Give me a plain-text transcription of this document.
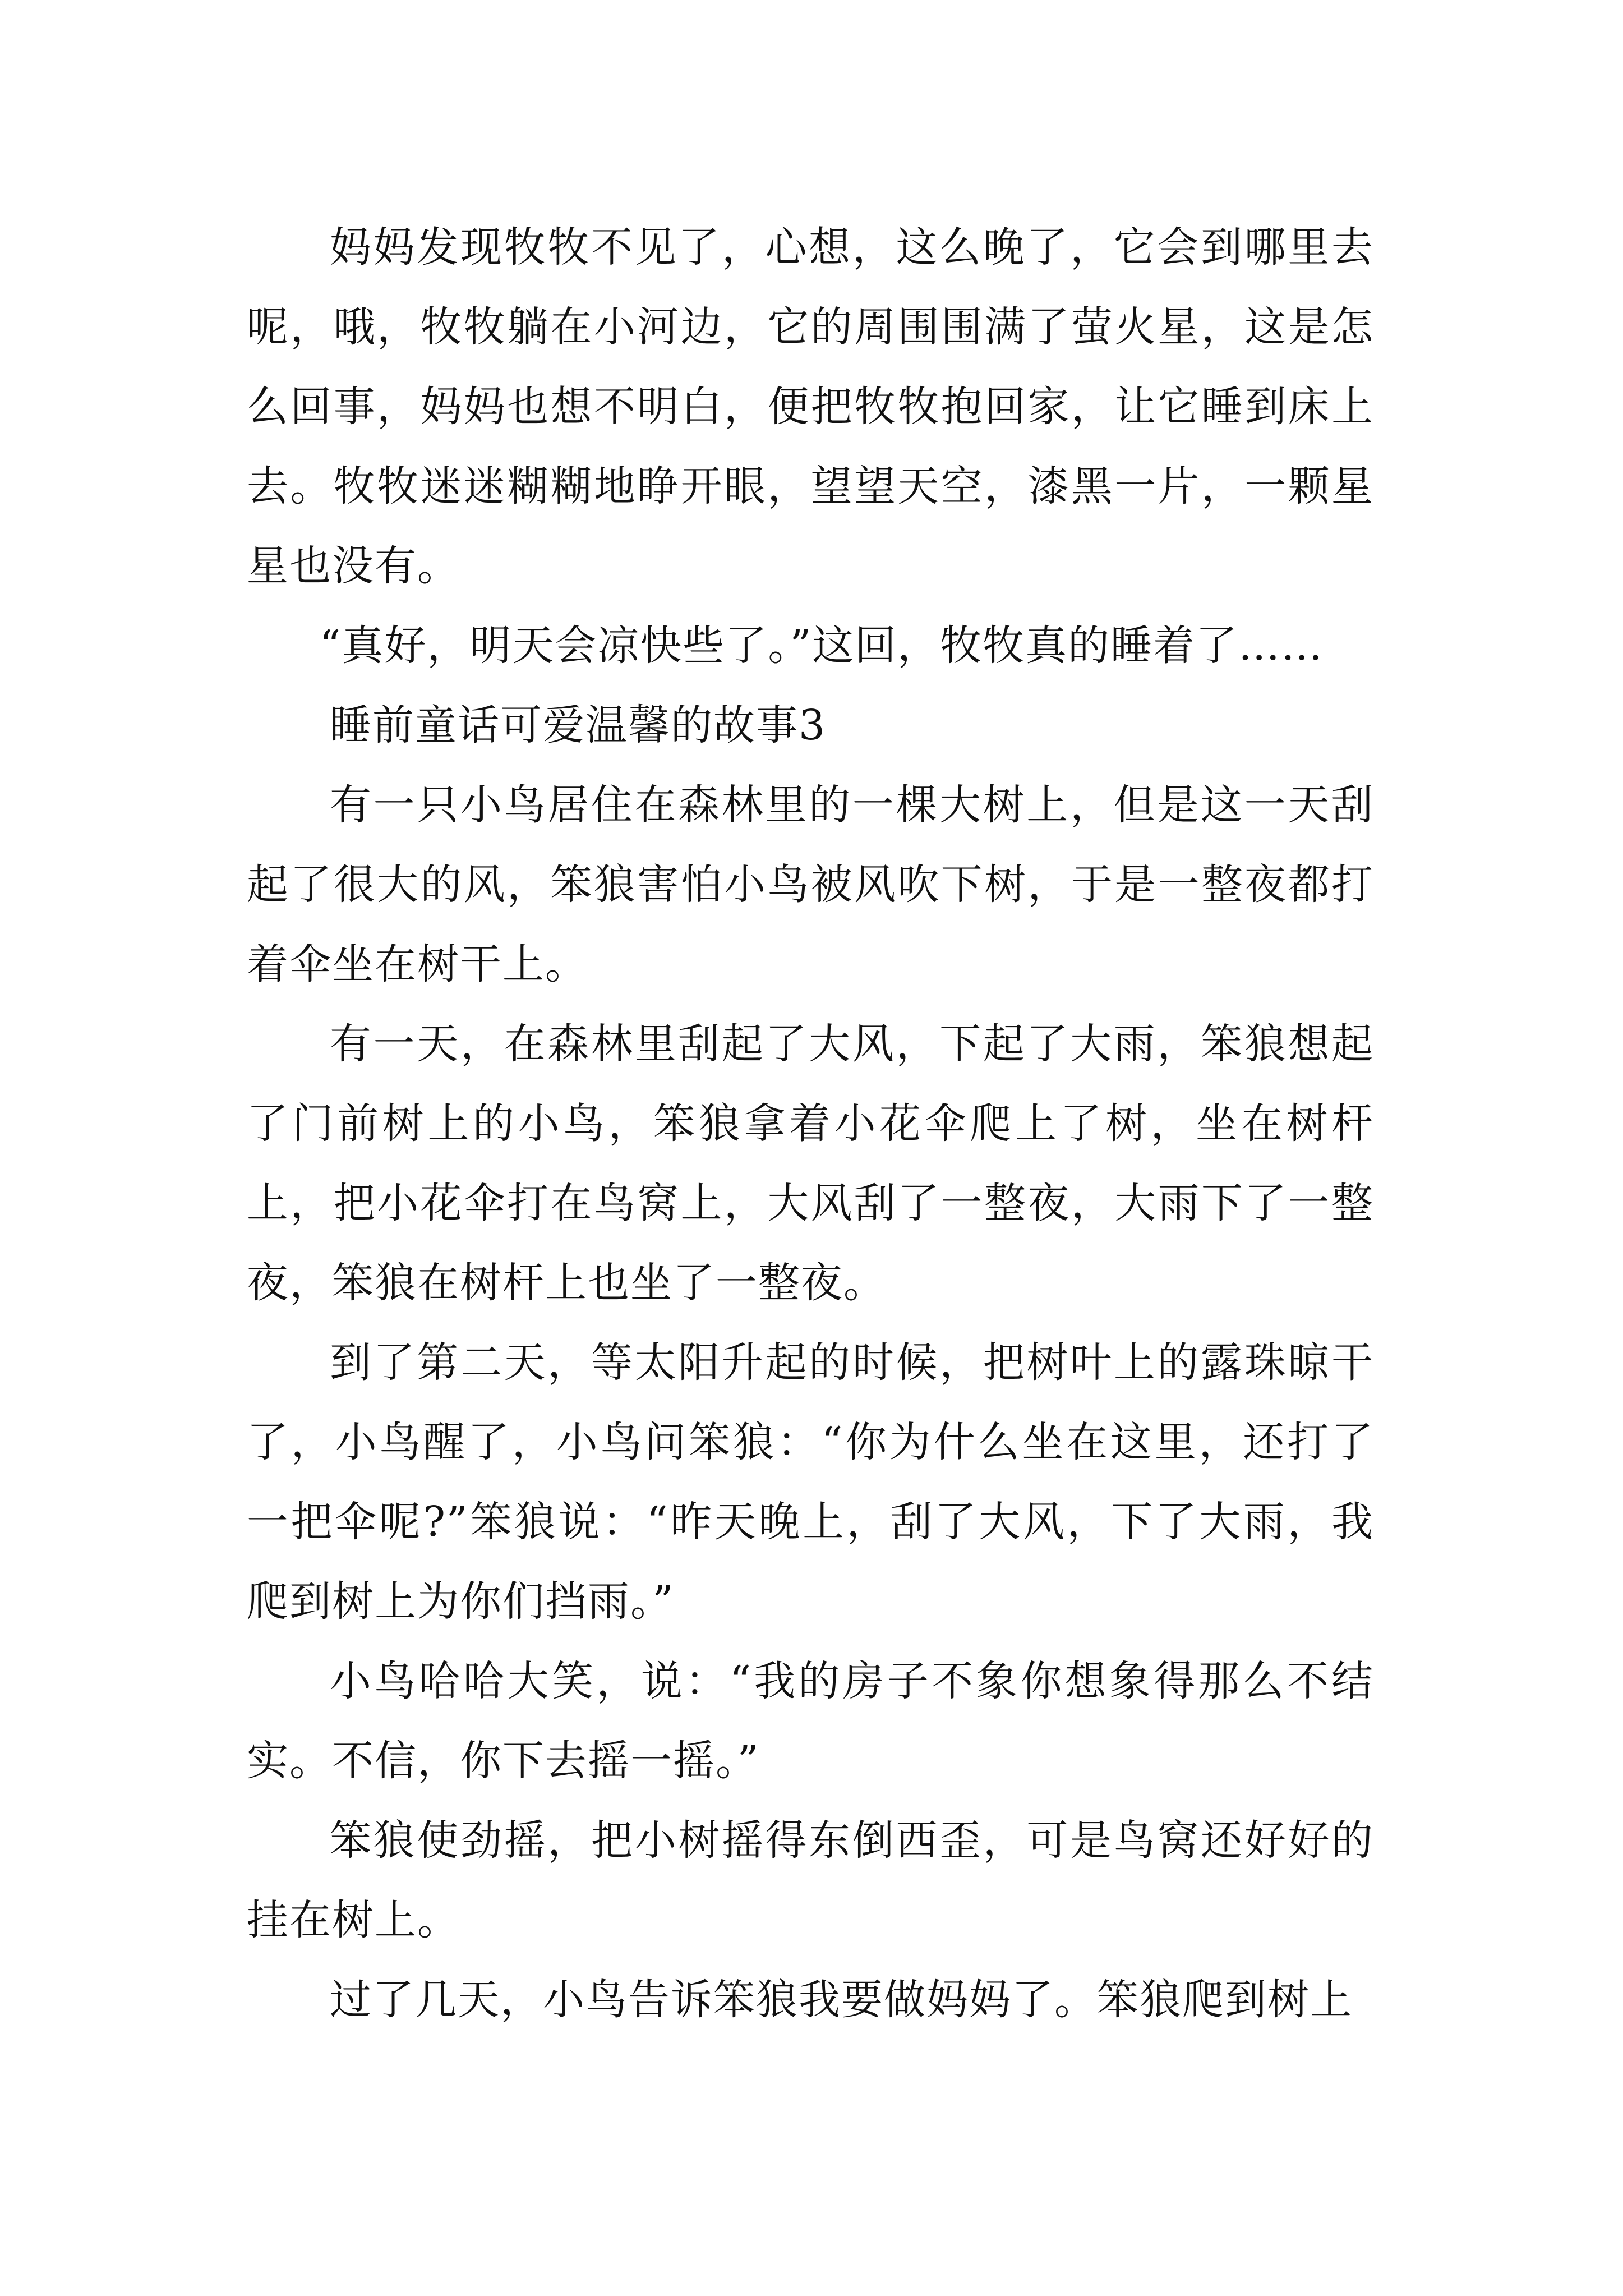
妈妈发现牧牧不见了，心想，这么晚了，它会到哪里去呢，哦，牧牧躺在小河边，它的周围围满了萤火星，这是怎么回事，妈妈也想不明白，便把牧牧抱回家，让它睡到床上去。牧牧迷迷糊糊地睁开眼，望望天空，漆黑一片，一颗星星也没有。

“真好，明天会凉快些了。”这回，牧牧真的睡着了……

睡前童话可爱温馨的故事3

有一只小鸟居住在森林里的一棵大树上，但是这一天刮起了很大的风，笨狼害怕小鸟被风吹下树，于是一整夜都打着伞坐在树干上。

有一天，在森林里刮起了大风，下起了大雨，笨狼想起了门前树上的小鸟，笨狼拿着小花伞爬上了树，坐在树杆上，把小花伞打在鸟窝上，大风刮了一整夜，大雨下了一整夜，笨狼在树杆上也坐了一整夜。

到了第二天，等太阳升起的时候，把树叶上的露珠晾干了，小鸟醒了，小鸟问笨狼：“你为什么坐在这里，还打了一把伞呢?”笨狼说：“昨天晚上，刮了大风，下了大雨，我爬到树上为你们挡雨。”

小鸟哈哈大笑，说：“我的房子不象你想象得那么不结实。不信，你下去摇一摇。”

笨狼使劲摇，把小树摇得东倒西歪，可是鸟窝还好好的挂在树上。

过了几天，小鸟告诉笨狼我要做妈妈了。笨狼爬到树上
